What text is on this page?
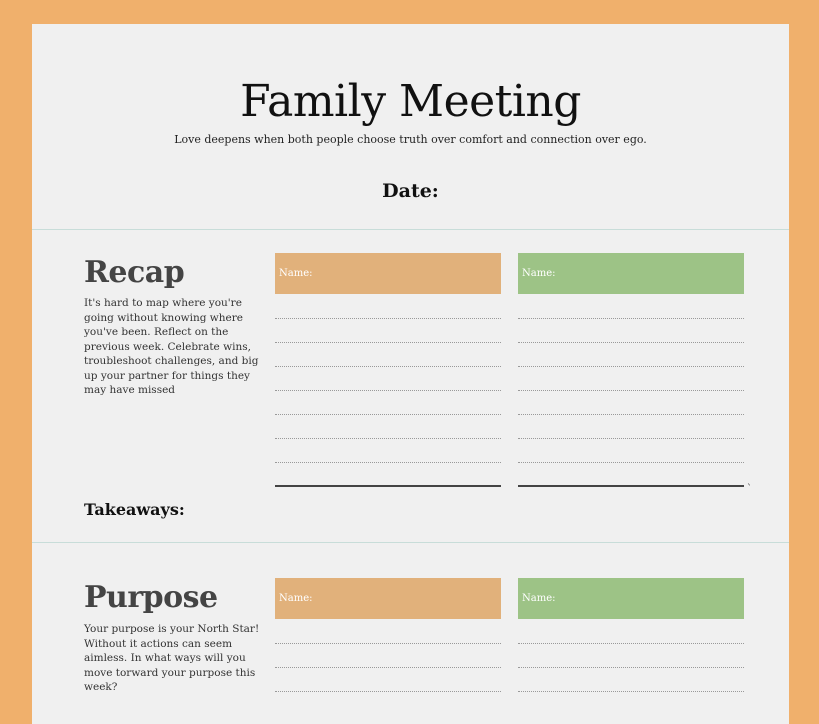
Family Meeting
Love deepens when both people choose truth over comfort and connection over ego.
Date:
Recap
It's hard to map where you're going without knowing where you've been. Reflect on the previous week. Celebrate wins, troubleshoot challenges, and big up your partner for things they may have missed
Name:	Name:
`
Takeaways:
Purpose
Your purpose is your North Star! Without it actions can seem aimless. In what ways will you move torward your purpose this week?
Name:	Name:
